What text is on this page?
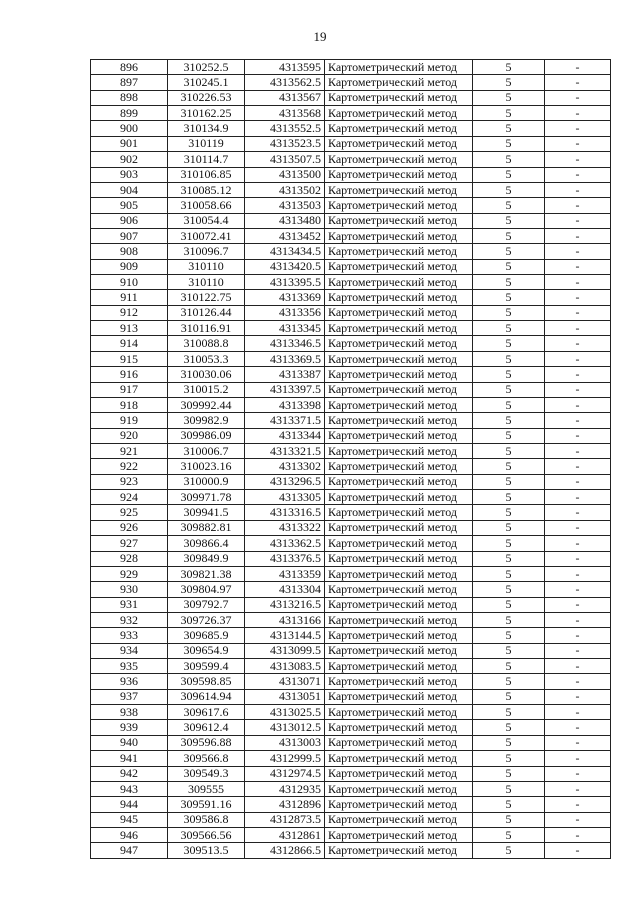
19
896	310252.5	4313595	Картометрический метод	5	-
897	310245.1	4313562.5	Картометрический метод	5	-
898	310226.53	4313567	Картометрический метод	5	-
899	310162.25	4313568	Картометрический метод	5	-
900	310134.9	4313552.5	Картометрический метод	5	-
901	310119	4313523.5	Картометрический метод	5	-
902	310114.7	4313507.5	Картометрический метод	5	-
903	310106.85	4313500	Картометрический метод	5	-
904	310085.12	4313502	Картометрический метод	5	-
905	310058.66	4313503	Картометрический метод	5	-
906	310054.4	4313480	Картометрический метод	5	-
907	310072.41	4313452	Картометрический метод	5	-
908	310096.7	4313434.5	Картометрический метод	5	-
909	310110	4313420.5	Картометрический метод	5	-
910	310110	4313395.5	Картометрический метод	5	-
911	310122.75	4313369	Картометрический метод	5	-
912	310126.44	4313356	Картометрический метод	5	-
913	310116.91	4313345	Картометрический метод	5	-
914	310088.8	4313346.5	Картометрический метод	5	-
915	310053.3	4313369.5	Картометрический метод	5	-
916	310030.06	4313387	Картометрический метод	5	-
917	310015.2	4313397.5	Картометрический метод	5	-
918	309992.44	4313398	Картометрический метод	5	-
919	309982.9	4313371.5	Картометрический метод	5	-
920	309986.09	4313344	Картометрический метод	5	-
921	310006.7	4313321.5	Картометрический метод	5	-
922	310023.16	4313302	Картометрический метод	5	-
923	310000.9	4313296.5	Картометрический метод	5	-
924	309971.78	4313305	Картометрический метод	5	-
925	309941.5	4313316.5	Картометрический метод	5	-
926	309882.81	4313322	Картометрический метод	5	-
927	309866.4	4313362.5	Картометрический метод	5	-
928	309849.9	4313376.5	Картометрический метод	5	-
929	309821.38	4313359	Картометрический метод	5	-
930	309804.97	4313304	Картометрический метод	5	-
931	309792.7	4313216.5	Картометрический метод	5	-
932	309726.37	4313166	Картометрический метод	5	-
933	309685.9	4313144.5	Картометрический метод	5	-
934	309654.9	4313099.5	Картометрический метод	5	-
935	309599.4	4313083.5	Картометрический метод	5	-
936	309598.85	4313071	Картометрический метод	5	-
937	309614.94	4313051	Картометрический метод	5	-
938	309617.6	4313025.5	Картометрический метод	5	-
939	309612.4	4313012.5	Картометрический метод	5	-
940	309596.88	4313003	Картометрический метод	5	-
941	309566.8	4312999.5	Картометрический метод	5	-
942	309549.3	4312974.5	Картометрический метод	5	-
943	309555	4312935	Картометрический метод	5	-
944	309591.16	4312896	Картометрический метод	5	-
945	309586.8	4312873.5	Картометрический метод	5	-
946	309566.56	4312861	Картометрический метод	5	-
947	309513.5	4312866.5	Картометрический метод	5	-
